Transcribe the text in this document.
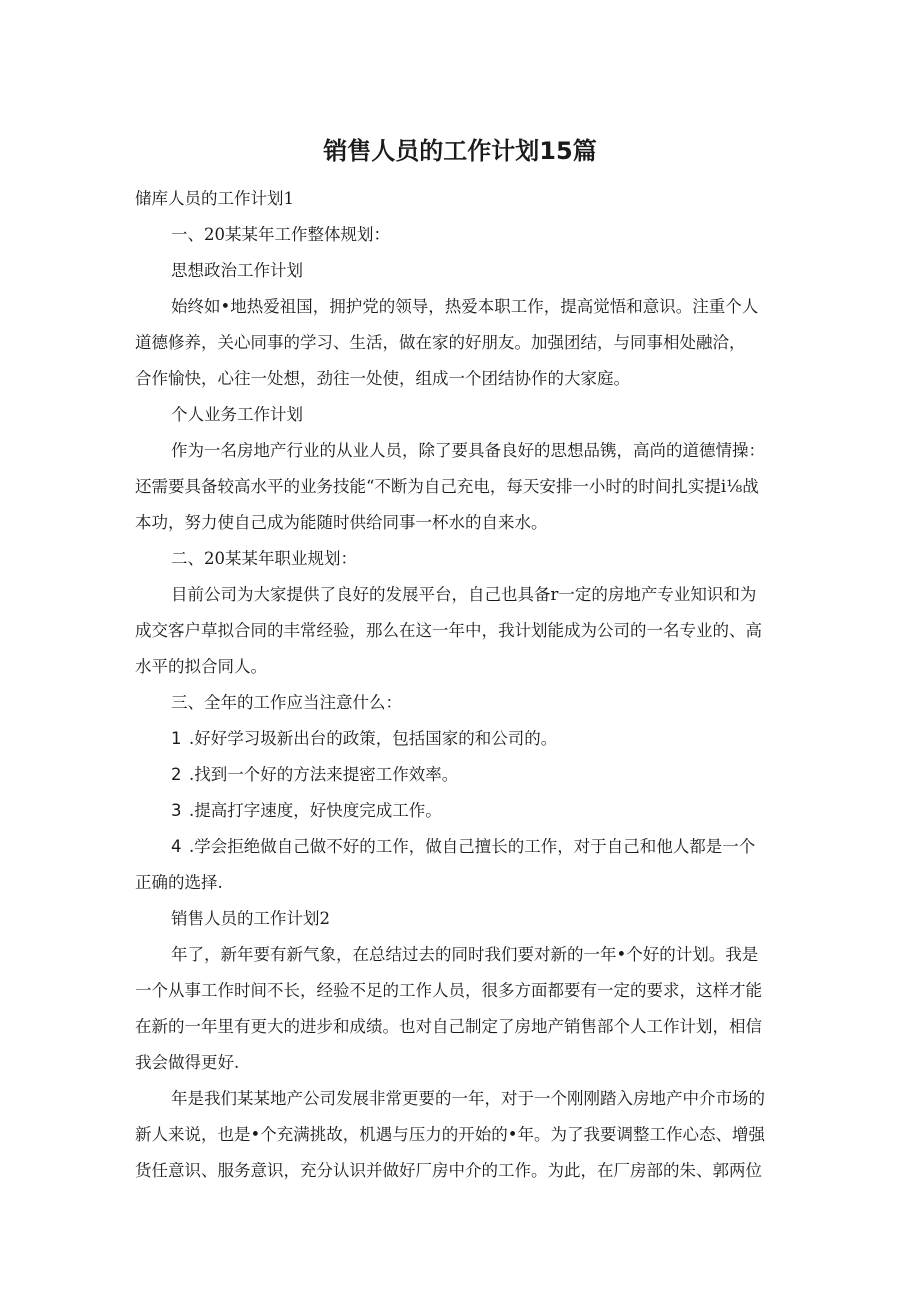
销售人员的工作计划15篇

储库人员的工作计划1

一、20某某年工作整体规划：

思想政治工作计划

始终如•地热爱祖国，拥护党的领导，热爱本职工作，提高觉悟和意识。注重个人

道德修养，关心同事的学习、生活，做在家的好朋友。加强团结，与同事相处融洽，

合作愉快，心往一处想，劲往一处使，组成一个团结协作的大家庭。

个人业务工作计划

作为一名房地产行业的从业人员，除了要具备良好的思想品镌，高尚的道德情操：

还需要具备较高水平的业务技能“不断为自己充电，每天安排一小时的时间扎实提i⅛战

本功，努力使自己成为能随时供给同事一杯水的自来水。

二、20某某年职业规划：

目前公司为大家提供了良好的发展平台，自己也具备r一定的房地产专业知识和为

成交客户草拟合同的丰常经验，那么在这一年中，我计划能成为公司的一名专业的、高

水平的拟合同人。

三、全年的工作应当注意什么：

1 .好好学习圾新出台的政策，包括国家的和公司的。

2 .找到一个好的方法来提密工作效率。

3 .提高打字速度，好快度完成工作。

4 .学会拒绝做自己做不好的工作，做自己擅长的工作，对于自己和他人都是一个

正确的选择.

销售人员的工作计划2

年了，新年要有新气象，在总结过去的同时我们要对新的一年•个好的计划。我是

一个从事工作时间不长，经验不足的工作人员，很多方面都要有一定的要求，这样才能

在新的一年里有更大的进步和成绩。也对自己制定了房地产销售部个人工作计划，相信

我会做得更好.

年是我们某某地产公司发展非常更要的一年，对于一个刚刚踏入房地产中介市场的

新人来说，也是•个充满挑故，机遇与压力的开始的•年。为了我要调整工作心态、增强

货任意识、服务意识，充分认识并做好厂房中介的工作。为此，在厂房部的朱、郭两位
